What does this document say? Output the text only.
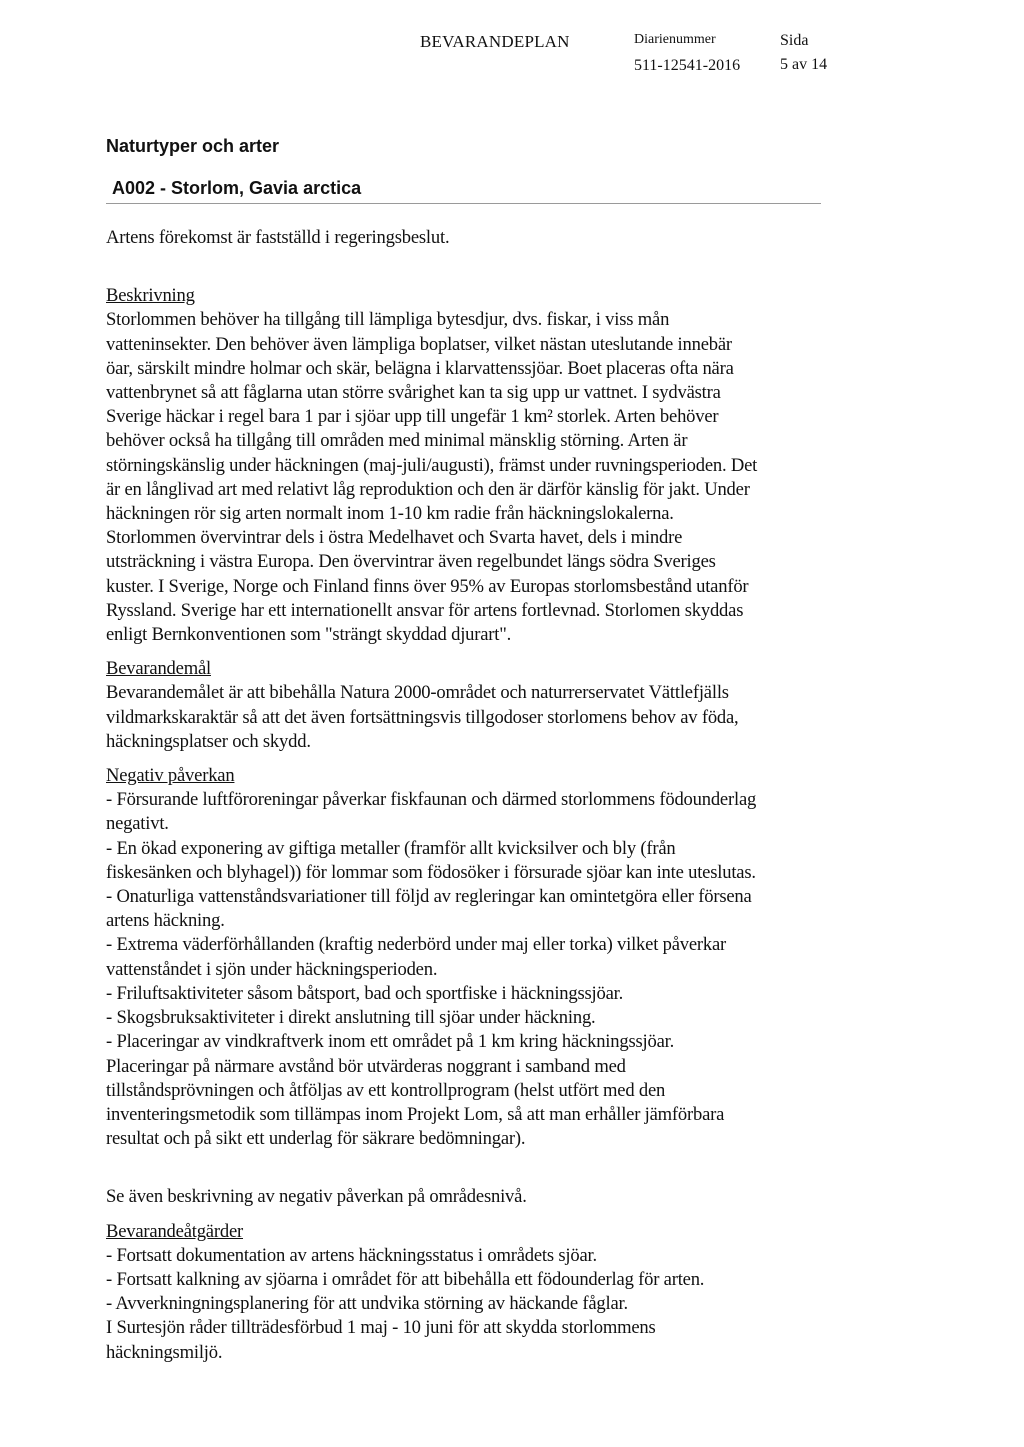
BEVARANDEPLAN	Diarienummer
511-12541-2016
Sida
5 av 14
Naturtyper och arter
A002 - Storlom, Gavia arctica

Artens förekomst är fastställd i regeringsbeslut.

Beskrivning

Storlommen behöver ha tillgång till lämpliga bytesdjur, dvs. fiskar, i viss mån

vatteninsekter. Den behöver även lämpliga boplatser, vilket nästan uteslutande innebär

öar, särskilt mindre holmar och skär, belägna i klarvattenssjöar. Boet placeras ofta nära

vattenbrynet så att fåglarna utan större svårighet kan ta sig upp ur vattnet. I sydvästra

Sverige häckar i regel bara 1 par i sjöar upp till ungefär 1 km² storlek. Arten behöver

behöver också ha tillgång till områden med minimal mänsklig störning. Arten är

störningskänslig under häckningen (maj-juli/augusti), främst under ruvningsperioden. Det

är en långlivad art med relativt låg reproduktion och den är därför känslig för jakt. Under

häckningen rör sig arten normalt inom 1-10 km radie från häckningslokalerna.

Storlommen övervintrar dels i östra Medelhavet och Svarta havet, dels i mindre

utsträckning i västra Europa. Den övervintrar även regelbundet längs södra Sveriges

kuster. I Sverige, Norge och Finland finns över 95% av Europas storlomsbestånd utanför

Ryssland. Sverige har ett internationellt ansvar för artens fortlevnad. Storlomen skyddas

enligt Bernkonventionen som "strängt skyddad djurart".

Bevarandemål

Bevarandemålet är att bibehålla Natura 2000-området och naturrerservatet Vättlefjälls

vildmarkskaraktär så att det även fortsättningsvis tillgodoser storlomens behov av föda,

häckningsplatser och skydd.

Negativ påverkan

- Försurande luftföroreningar påverkar fiskfaunan och därmed storlommens födounderlag

negativt.

- En ökad exponering av giftiga metaller (framför allt kvicksilver och bly (från

fiskesänken och blyhagel)) för lommar som födosöker i försurade sjöar kan inte uteslutas.

- Onaturliga vattenståndsvariationer till följd av regleringar kan omintetgöra eller försena

artens häckning.

- Extrema väderförhållanden (kraftig nederbörd under maj eller torka) vilket påverkar

vattenståndet i sjön under häckningsperioden.

- Friluftsaktiviteter såsom båtsport, bad och sportfiske i häckningssjöar.

- Skogsbruksaktiviteter i direkt anslutning till sjöar under häckning.

- Placeringar av vindkraftverk inom ett området på 1 km kring häckningssjöar.

Placeringar på närmare avstånd bör utvärderas noggrant i samband med

tillståndsprövningen och åtföljas av ett kontrollprogram (helst utfört med den

inventeringsmetodik som tillämpas inom Projekt Lom, så att man erhåller jämförbara

resultat och på sikt ett underlag för säkrare bedömningar).

Se även beskrivning av negativ påverkan på områdesnivå.

Bevarandeåtgärder

- Fortsatt dokumentation av artens häckningsstatus i områdets sjöar.

- Fortsatt kalkning av sjöarna i området för att bibehålla ett födounderlag för arten.

- Avverkningningsplanering för att undvika störning av häckande fåglar.

I Surtesjön råder tillträdesförbud 1 maj - 10 juni för att skydda storlommens

häckningsmiljö.
